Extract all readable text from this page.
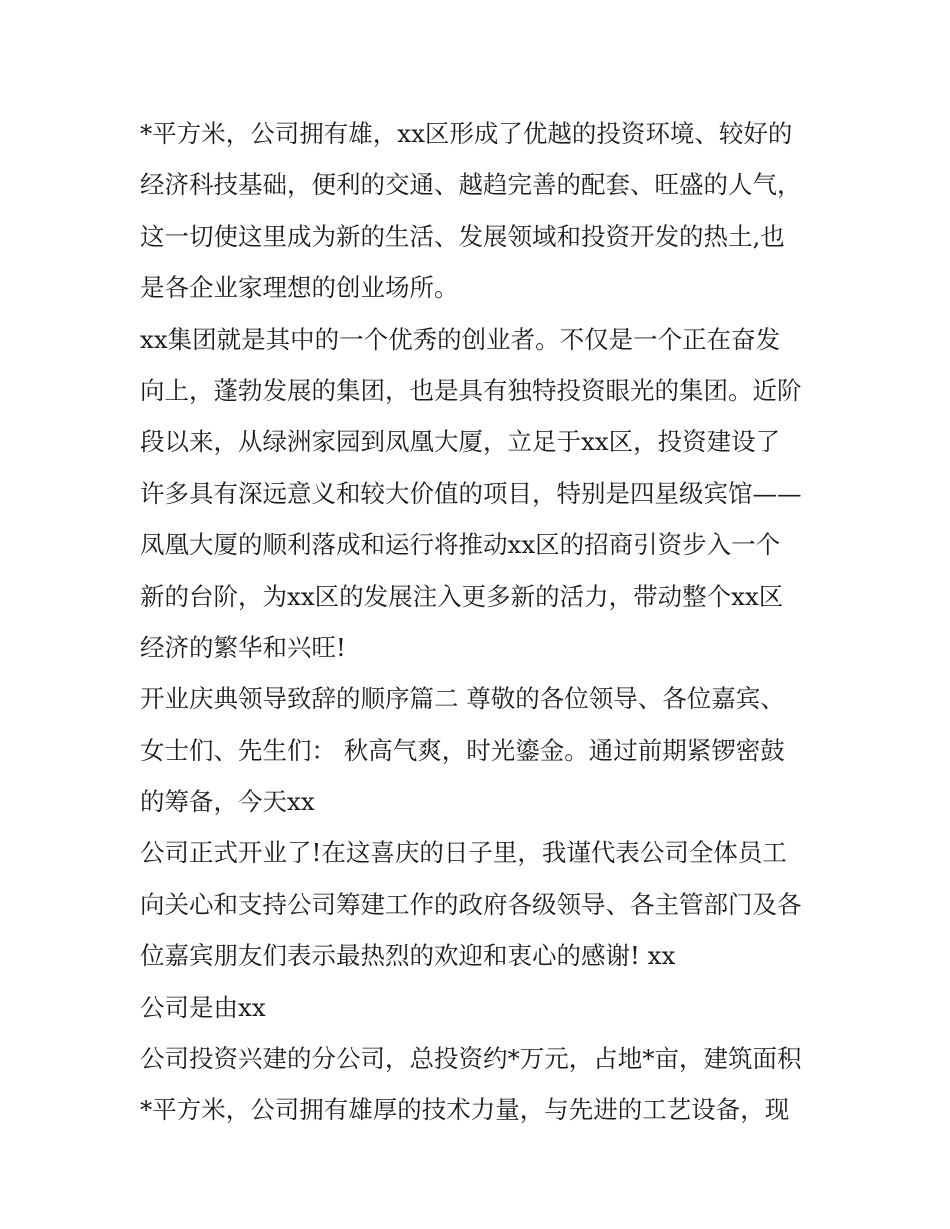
*平方米，公司拥有雄，xx区形成了优越的投资环境、较好的
经济科技基础，便利的交通、越趋完善的配套、旺盛的人气，
这一切使这里成为新的生活、发展领域和投资开发的热土,也
是各企业家理想的创业场所。
xx集团就是其中的一个优秀的创业者。不仅是一个正在奋发
向上，蓬勃发展的集团，也是具有独特投资眼光的集团。近阶
段以来，从绿洲家园到凤凰大厦，立足于xx区，投资建设了
许多具有深远意义和较大价值的项目，特别是四星级宾馆——
凤凰大厦的顺利落成和运行将推动xx区的招商引资步入一个
新的台阶，为xx区的发展注入更多新的活力，带动整个xx区
经济的繁华和兴旺!
开业庆典领导致辞的顺序篇二 尊敬的各位领导、各位嘉宾、
女士们、先生们： 秋高气爽，时光鎏金。通过前期紧锣密鼓
的筹备，今天xx
公司正式开业了!在这喜庆的日子里，我谨代表公司全体员工
向关心和支持公司筹建工作的政府各级领导、各主管部门及各
位嘉宾朋友们表示最热烈的欢迎和衷心的感谢! xx
公司是由xx
公司投资兴建的分公司，总投资约*万元，占地*亩，建筑面积
*平方米，公司拥有雄厚的技术力量，与先进的工艺设备，现
